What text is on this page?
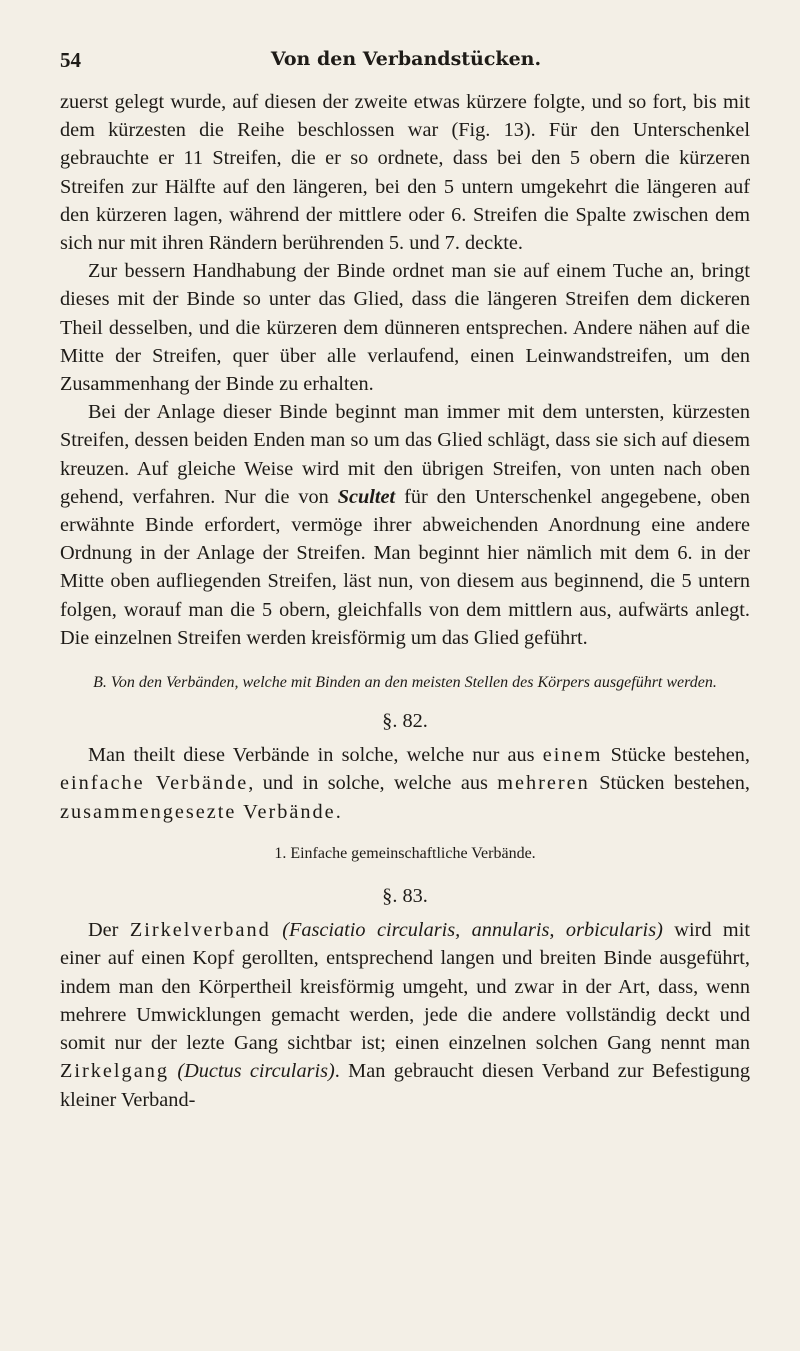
54	Von den Verbandstücken.

zuerst gelegt wurde, auf diesen der zweite etwas kürzere folgte, und so fort, bis mit dem kürzesten die Reihe beschlossen war (Fig. 13). Für den Unterschenkel gebrauchte er 11 Streifen, die er so ordnete, dass bei den 5 obern die kürzeren Streifen zur Hälfte auf den längeren, bei den 5 untern umgekehrt die längeren auf den kürzeren lagen, während der mittlere oder 6. Streifen die Spalte zwischen dem sich nur mit ihren Rändern berührenden 5. und 7. deckte.

Zur bessern Handhabung der Binde ordnet man sie auf einem Tuche an, bringt dieses mit der Binde so unter das Glied, dass die längeren Streifen dem dickeren Theil desselben, und die kürzeren dem dünneren entsprechen. Andere nähen auf die Mitte der Streifen, quer über alle verlaufend, einen Leinwandstreifen, um den Zusammenhang der Binde zu erhalten.

Bei der Anlage dieser Binde beginnt man immer mit dem untersten, kürzesten Streifen, dessen beiden Enden man so um das Glied schlägt, dass sie sich auf diesem kreuzen. Auf gleiche Weise wird mit den übrigen Streifen, von unten nach oben gehend, verfahren. Nur die von Scultet für den Unterschenkel angegebene, oben erwähnte Binde erfordert, vermöge ihrer abweichenden Anordnung eine andere Ordnung in der Anlage der Streifen. Man beginnt hier nämlich mit dem 6. in der Mitte oben aufliegenden Streifen, läst nun, von diesem aus beginnend, die 5 untern folgen, worauf man die 5 obern, gleichfalls von dem mittlern aus, aufwärts anlegt. Die einzelnen Streifen werden kreisförmig um das Glied geführt.

B. Von den Verbänden, welche mit Binden an den meisten Stellen des Körpers ausgeführt werden.
§. 82.

Man theilt diese Verbände in solche, welche nur aus einem Stücke bestehen, einfache Verbände, und in solche, welche aus mehreren Stücken bestehen, zusammengesezte Verbände.

1. Einfache gemeinschaftliche Verbände.
§. 83.

Der Zirkelverband (Fasciatio circularis, annularis, orbicularis) wird mit einer auf einen Kopf gerollten, entsprechend langen und breiten Binde ausgeführt, indem man den Körpertheil kreisförmig umgeht, und zwar in der Art, dass, wenn mehrere Umwicklungen gemacht werden, jede die andere vollständig deckt und somit nur der lezte Gang sichtbar ist; einen einzelnen solchen Gang nennt man Zirkelgang (Ductus circularis). Man gebraucht diesen Verband zur Befestigung kleiner Verband-
